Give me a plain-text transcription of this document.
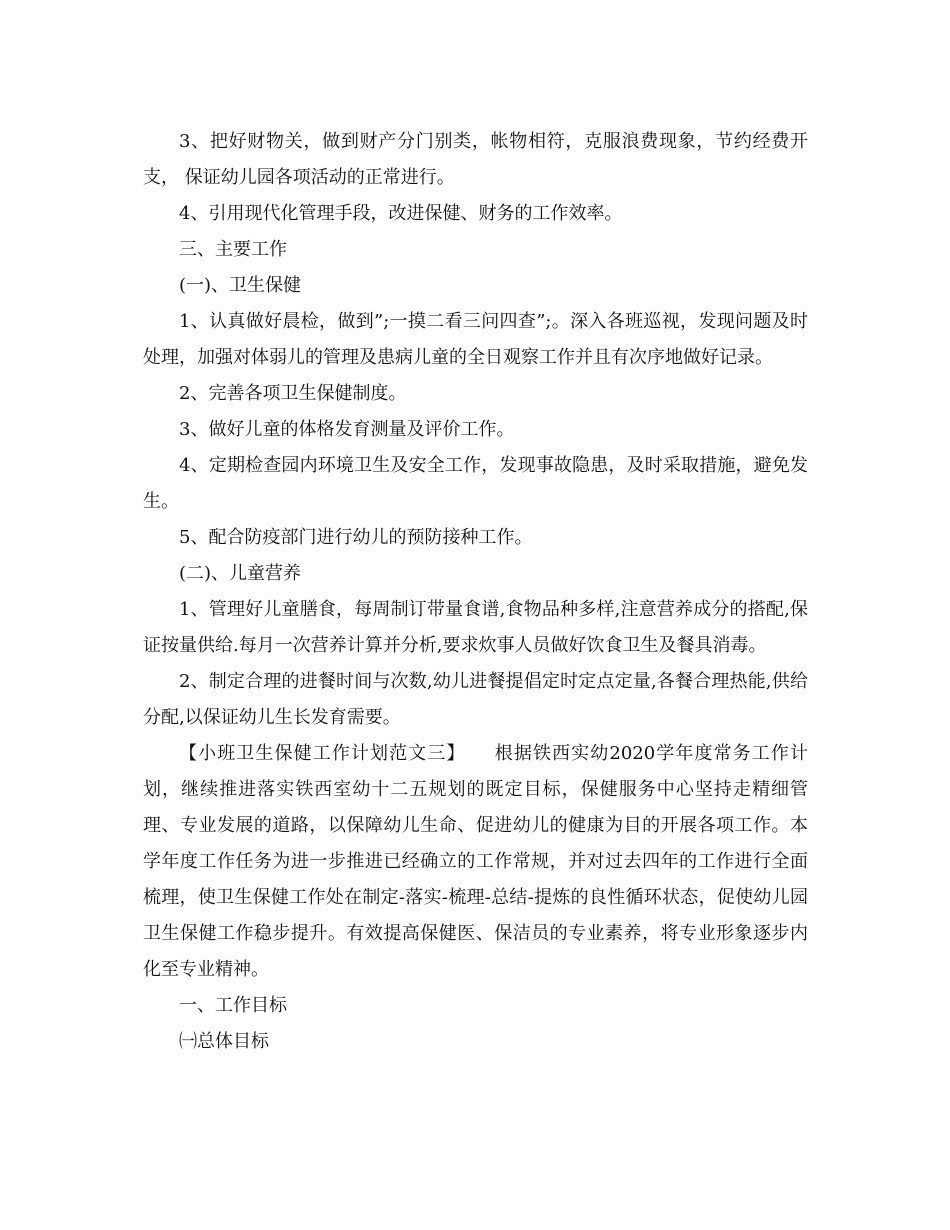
3、把好财物关，做到财产分门别类，帐物相符，克服浪费现象，节约经费开支， 保证幼儿园各项活动的正常进行。

4、引用现代化管理手段，改进保健、财务的工作效率。

三、主要工作

(一)、卫生保健

1、认真做好晨检，做到”;一摸二看三问四查”;。深入各班巡视，发现问题及时处理，加强对体弱儿的管理及患病儿童的全日观察工作并且有次序地做好记录。

2、完善各项卫生保健制度。

3、做好儿童的体格发育测量及评价工作。

4、定期检查园内环境卫生及安全工作，发现事故隐患，及时采取措施，避免发生。

5、配合防疫部门进行幼儿的预防接种工作。

(二)、儿童营养

1、管理好儿童膳食，每周制订带量食谱,食物品种多样,注意营养成分的搭配,保证按量供给.每月一次营养计算并分析,要求炊事人员做好饮食卫生及餐具消毒。

2、制定合理的进餐时间与次数,幼儿进餐提倡定时定点定量,各餐合理热能,供给分配,以保证幼儿生长发育需要。

【小班卫生保健工作计划范文三】　　根据铁西实幼2020学年度常务工作计划，继续推进落实铁西室幼十二五规划的既定目标，保健服务中心坚持走精细管理、专业发展的道路，以保障幼儿生命、促进幼儿的健康为目的开展各项工作。本学年度工作任务为进一步推进已经确立的工作常规，并对过去四年的工作进行全面梳理，使卫生保健工作处在制定-落实-梳理-总结-提炼的良性循环状态，促使幼儿园卫生保健工作稳步提升。有效提高保健医、保洁员的专业素养，将专业形象逐步内化至专业精神。

一、工作目标

㈠总体目标
